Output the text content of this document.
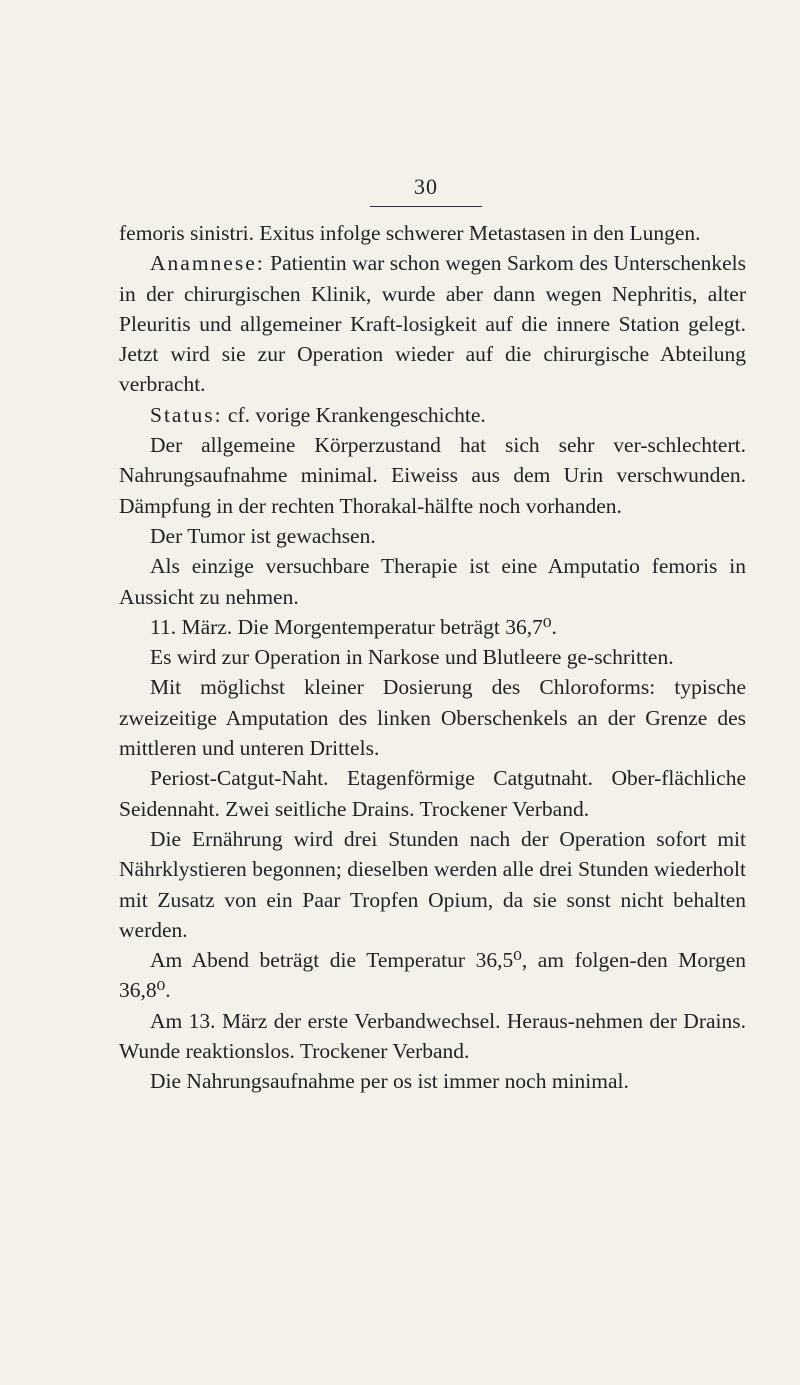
30

femoris sinistri. Exitus infolge schwerer Metastasen in den Lungen.

Anamnese: Patientin war schon wegen Sarkom des Unterschenkels in der chirurgischen Klinik, wurde aber dann wegen Nephritis, alter Pleuritis und allgemeiner Kraft-losigkeit auf die innere Station gelegt. Jetzt wird sie zur Operation wieder auf die chirurgische Abteilung verbracht.

Status: cf. vorige Krankengeschichte.

Der allgemeine Körperzustand hat sich sehr ver-schlechtert. Nahrungsaufnahme minimal. Eiweiss aus dem Urin verschwunden. Dämpfung in der rechten Thorakal-hälfte noch vorhanden.

Der Tumor ist gewachsen.

Als einzige versuchbare Therapie ist eine Amputatio femoris in Aussicht zu nehmen.

11. März. Die Morgentemperatur beträgt 36,7⁰.

Es wird zur Operation in Narkose und Blutleere ge-schritten.

Mit möglichst kleiner Dosierung des Chloroforms: typische zweizeitige Amputation des linken Oberschenkels an der Grenze des mittleren und unteren Drittels.

Periost-Catgut-Naht. Etagenförmige Catgutnaht. Ober-flächliche Seidennaht. Zwei seitliche Drains. Trockener Verband.

Die Ernährung wird drei Stunden nach der Operation sofort mit Nährklystieren begonnen; dieselben werden alle drei Stunden wiederholt mit Zusatz von ein Paar Tropfen Opium, da sie sonst nicht behalten werden.

Am Abend beträgt die Temperatur 36,5⁰, am folgen-den Morgen 36,8⁰.

Am 13. März der erste Verbandwechsel. Heraus-nehmen der Drains. Wunde reaktionslos. Trockener Verband.

Die Nahrungsaufnahme per os ist immer noch minimal.
